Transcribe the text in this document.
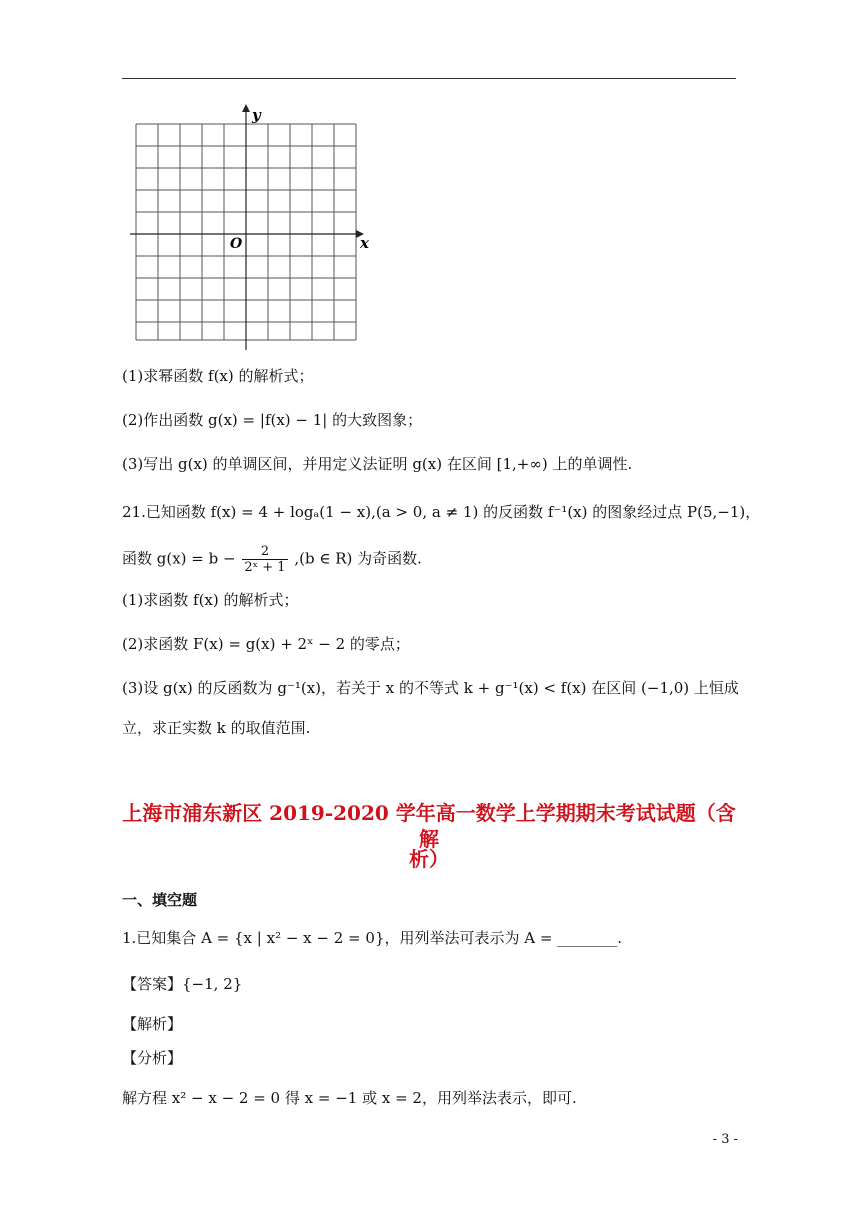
y
x
O
(1)求幂函数 f(x) 的解析式；
(2)作出函数 g(x) = |f(x) − 1| 的大致图象；
(3)写出 g(x) 的单调区间，并用定义法证明 g(x) 在区间 [1,+∞) 上的单调性.
21.已知函数 f(x) = 4 + logₐ(1 − x),(a > 0, a ≠ 1) 的反函数 f⁻¹(x) 的图象经过点 P(5,−1)，
函数 $g(x) = b - \frac{2}{\text{2ˣ + 1}} ,(b$ ∈ R) 为奇函数.
(1)求函数 f(x) 的解析式；
(2)求函数 F(x) = g(x) + 2ˣ − 2 的零点；
(3)设 g(x) 的反函数为 g⁻¹(x)，若关于 x 的不等式 k + g⁻¹(x) < f(x) 在区间 (−1,0) 上恒成
立，求正实数 k 的取值范围.
上海市浦东新区 2019-2020 学年高一数学上学期期末考试试题（含解
析）
一、填空题
1.已知集合 A = {x | x² − x − 2 = 0}，用列举法可表示为 A = ________.
【答案】{−1, 2}
【解析】
【分析】
解方程 x² − x − 2 = 0 得 x = −1 或 x = 2，用列举法表示，即可.
- 3 -
